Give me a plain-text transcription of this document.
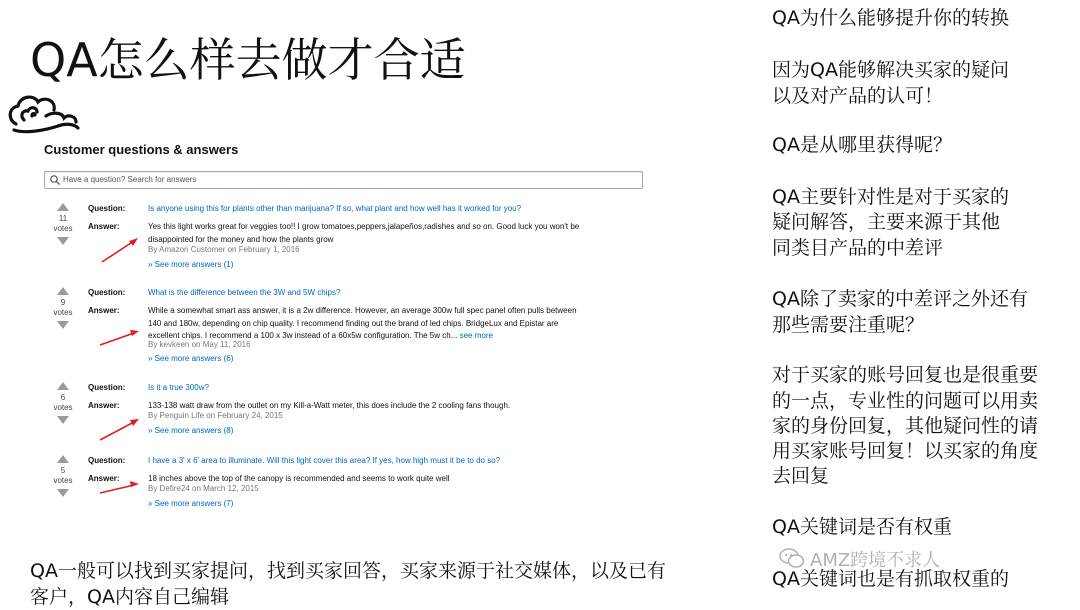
QA怎么样去做才合适
Customer questions & answers
Have a question? Search for answers
11
votes
Question:	Is anyone using this for plants other than marijuana? If so, what plant and how well has it worked for you?
Answer:	Yes this light works great for veggies too!! I grow tomatoes,peppers,jalapeños,radishes and so on. Good luck you won't be
disappointed for the money and how the plants grow
By Amazon Customer on February 1, 2016
» See more answers (1)
9
votes
Question:	What is the difference between the 3W and 5W chips?
Answer:	While a somewhat smart ass answer, it is a 2w difference. However, an average 300w full spec panel often pulls between
140 and 180w, depending on chip quality. I recommend finding out the brand of led chips. BridgeLux and Epistar are
excellent chips. I recommend a 100 x 3w instead of a 60x5w configuration. The 5w ch... see more
By kevkeen on May 11, 2016
» See more answers (6)
6
votes
Question:	Is it a true 300w?
Answer:	133-138 watt draw from the outlet on my Kill-a-Watt meter, this does include the 2 cooling fans though.
By Penguin Life on February 24, 2015
» See more answers (8)
5
votes
Question:	I have a 3' x 6' area to illuminate. Will this light cover this area? If yes, how high must it be to do so?
Answer:	18 inches above the top of the canopy is recommended and seems to work quite well
By Defire24 on March 12, 2015
» See more answers (7)
QA为什么能够提升你的转换
因为QA能够解决买家的疑问
以及对产品的认可！
QA是从哪里获得呢？
QA主要针对性是对于买家的
疑问解答，主要来源于其他
同类目产品的中差评
QA除了卖家的中差评之外还有
那些需要注重呢？
对于买家的账号回复也是很重要
的一点，专业性的问题可以用卖
家的身份回复，其他疑问性的请
用买家账号回复！以买家的角度
去回复
QA关键词是否有权重
QA关键词也是有抓取权重的
QA一般可以找到买家提问，找到买家回答，买家来源于社交媒体，以及已有
客户，QA内容自己编辑
AMZ跨境不求人
